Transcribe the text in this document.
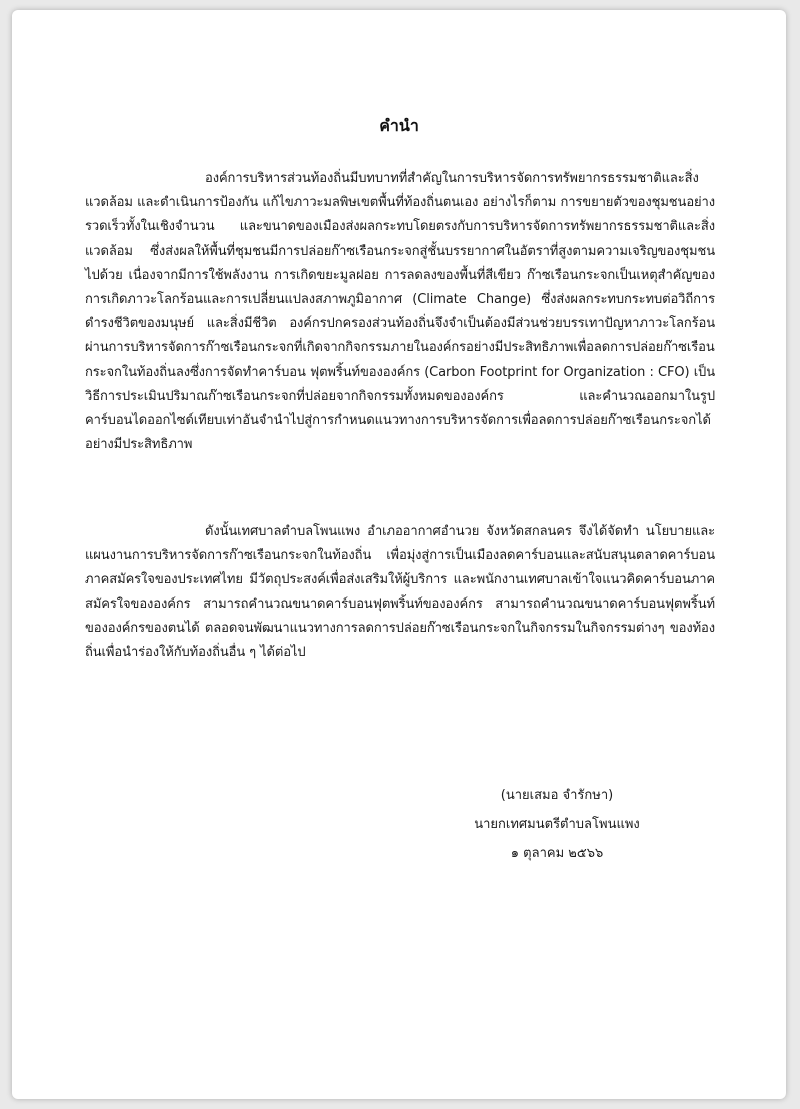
คำนำ

องค์การบริหารส่วนท้องถิ่นมีบทบาทที่สำคัญในการบริหารจัดการทรัพยากรธรรมชาติและสิ่งแวดล้อม และดำเนินการป้องกัน แก้ไขภาวะมลพิษเขตพื้นที่ท้องถิ่นตนเอง อย่างไรก็ตาม การขยายตัวของชุมชนอย่างรวดเร็วทั้งในเชิงจำนวน และขนาดของเมืองส่งผลกระทบโดยตรงกับการบริหารจัดการทรัพยากรธรรมชาติและสิ่งแวดล้อม ซึ่งส่งผลให้พื้นที่ชุมชนมีการปล่อยก๊าซเรือนกระจกสู่ชั้นบรรยากาศในอัตราที่สูงตามความเจริญของชุมชนไปด้วย เนื่องจากมีการใช้พลังงาน การเกิดขยะมูลฝอย การลดลงของพื้นที่สีเขียว ก๊าซเรือนกระจกเป็นเหตุสำคัญของการเกิดภาวะโลกร้อนและการเปลี่ยนแปลงสภาพภูมิอากาศ (Climate Change) ซึ่งส่งผลกระทบกระทบต่อวิถีการดำรงชีวิตของมนุษย์ และสิ่งมีชีวิต องค์กรปกครองส่วนท้องถิ่นจึงจำเป็นต้องมีส่วนช่วยบรรเทาปัญหาภาวะโลกร้อนผ่านการบริหารจัดการก๊าซเรือนกระจกที่เกิดจากกิจกรรมภายในองค์กรอย่างมีประสิทธิภาพเพื่อลดการปล่อยก๊าซเรือนกระจกในท้องถิ่นลงซึ่งการจัดทำคาร์บอน ฟุตพริ้นท์ขององค์กร (Carbon Footprint for Organization : CFO) เป็นวิธีการประเมินปริมาณก๊าซเรือนกระจกที่ปล่อยจากกิจกรรมทั้งหมดขององค์กร และคำนวณออกมาในรูปคาร์บอนไดออกไซด์เทียบเท่าอันจำนำไปสู่การกำหนดแนวทางการบริหารจัดการเพื่อลดการปล่อยก๊าซเรือนกระจกได้อย่างมีประสิทธิภาพ

ดังนั้นเทศบาลตำบลโพนแพง อำเภออากาศอำนวย จังหวัดสกลนคร จึงได้จัดทำ นโยบายและแผนงานการบริหารจัดการก๊าซเรือนกระจกในท้องถิ่น เพื่อมุ่งสู่การเป็นเมืองลดคาร์บอนและสนับสนุนตลาดคาร์บอนภาคสมัครใจของประเทศไทย มีวัตถุประสงค์เพื่อส่งเสริมให้ผู้บริการ และพนักงานเทศบาลเข้าใจแนวคิดคาร์บอนภาคสมัครใจขององค์กร สามารถคำนวณขนาดคาร์บอนฟุตพริ้นท์ขององค์กร สามารถคำนวณขนาดคาร์บอนฟุตพริ้นท์ขององค์กรของตนได้ ตลอดจนพัฒนาแนวทางการลดการปล่อยก๊าซเรือนกระจกในกิจกรรมในกิจกรรมต่างๆ ของท้องถิ่นเพื่อนำร่องให้กับท้องถิ่นอื่น ๆ ได้ต่อไป

(นายเสมอ จำรักษา)
นายกเทศมนตรีตำบลโพนแพง
๑ ตุลาคม ๒๕๖๖
